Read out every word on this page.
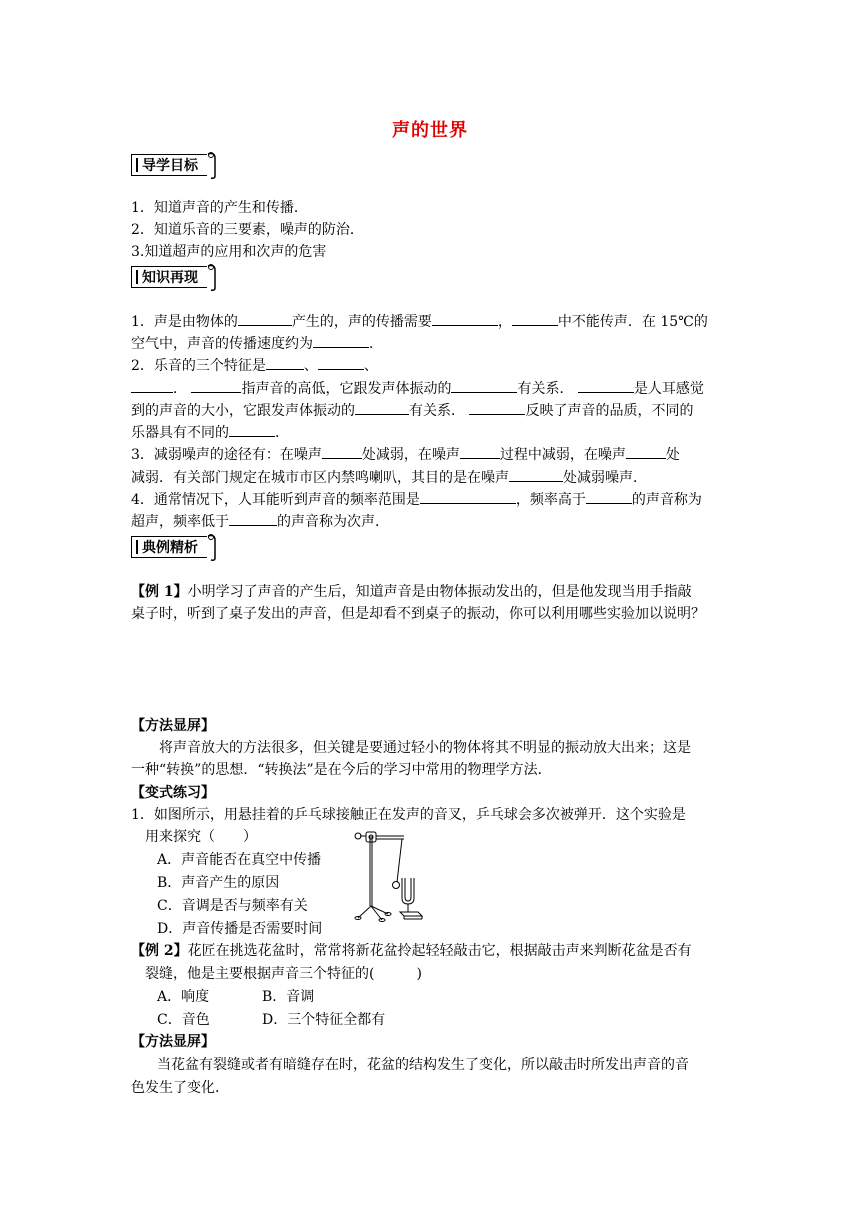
声的世界
导学目标
1．知道声音的产生和传播．
2．知道乐音的三要素，噪声的防治．
3.知道超声的应用和次声的危害
知识再现
1．声是由物体的	产生的，声的传播需要	，	中不能传声．在 15℃的
空气中，声音的传播速度约为	．
2．乐音的三个特征是	、	、
．	指声音的高低，它跟发声体振动的	有关系．	是人耳感觉
到的声音的大小，它跟发声体振动的	有关系．	反映了声音的品质，不同的
乐器具有不同的	．
3．减弱噪声的途径有：在噪声	处减弱，在噪声	过程中减弱，在噪声	处
减弱．有关部门规定在城市市区内禁鸣喇叭，其目的是在噪声	处减弱噪声．
4．通常情况下，人耳能听到声音的频率范围是	，频率高于	的声音称为
超声，频率低于	的声音称为次声．
典例精析
【例 1】小明学习了声音的产生后，知道声音是由物体振动发出的，但是他发现当用手指敲
桌子时，听到了桌子发出的声音，但是却看不到桌子的振动，你可以利用哪些实验加以说明？
【方法显屏】
将声音放大的方法很多，但关键是要通过轻小的物体将其不明显的振动放大出来；这是
一种“转换”的思想．“转换法”是在今后的学习中常用的物理学方法．
【变式练习】
1．如图所示，用悬挂着的乒乓球接触正在发声的音叉，乒乓球会多次被弹开．这个实验是
用来探究（　　）
A．声音能否在真空中传播
B．声音产生的原因
C．音调是否与频率有关
D．声音传播是否需要时间
【例 2】花匠在挑选花盆时，常常将新花盆拎起轻轻敲击它，根据敲击声来判断花盆是否有
裂缝，他是主要根据声音三个特征的(　　　)
A．响度	B．音调
C．音色	D．三个特征全都有
【方法显屏】
当花盆有裂缝或者有暗缝存在时，花盆的结构发生了变化，所以敲击时所发出声音的音
色发生了变化．
